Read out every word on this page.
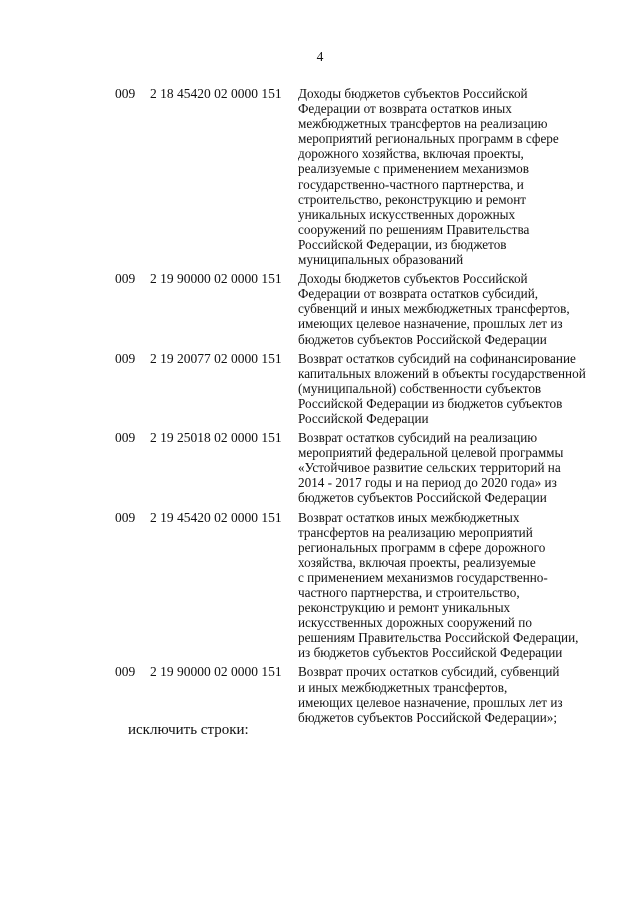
4
009	2 18 45420 02 0000 151	Доходы бюджетов субъектов Российской
Федерации от возврата остатков иных
межбюджетных трансфертов на реализацию
мероприятий региональных программ в сфере
дорожного хозяйства, включая проекты,
реализуемые с применением механизмов
государственно-частного партнерства, и
строительство, реконструкцию и ремонт
уникальных искусственных дорожных
сооружений по решениям Правительства
Российской Федерации, из бюджетов
муниципальных образований
009	2 19 90000 02 0000 151	Доходы бюджетов субъектов Российской
Федерации от возврата остатков субсидий,
субвенций и иных межбюджетных трансфертов,
имеющих целевое назначение, прошлых лет из
бюджетов субъектов Российской Федерации
009	2 19 20077 02 0000 151	Возврат остатков субсидий на софинансирование
капитальных вложений в объекты государственной
(муниципальной) собственности субъектов
Российской Федерации из бюджетов субъектов
Российской Федерации
009	2 19 25018 02 0000 151	Возврат остатков субсидий на реализацию
мероприятий федеральной целевой программы
«Устойчивое развитие сельских территорий на
2014 - 2017 годы и на период до 2020 года» из
бюджетов субъектов Российской Федерации
009	2 19 45420 02 0000 151	Возврат остатков иных межбюджетных
трансфертов на реализацию мероприятий
региональных программ в сфере дорожного
хозяйства, включая проекты, реализуемые
с применением механизмов государственно-
частного партнерства, и строительство,
реконструкцию и ремонт уникальных
искусственных дорожных сооружений по
решениям Правительства Российской Федерации,
из бюджетов субъектов Российской Федерации
009	2 19 90000 02 0000 151	Возврат прочих остатков субсидий, субвенций
и иных межбюджетных трансфертов,
имеющих целевое назначение, прошлых лет из
бюджетов субъектов Российской Федерации»;
исключить строки:
